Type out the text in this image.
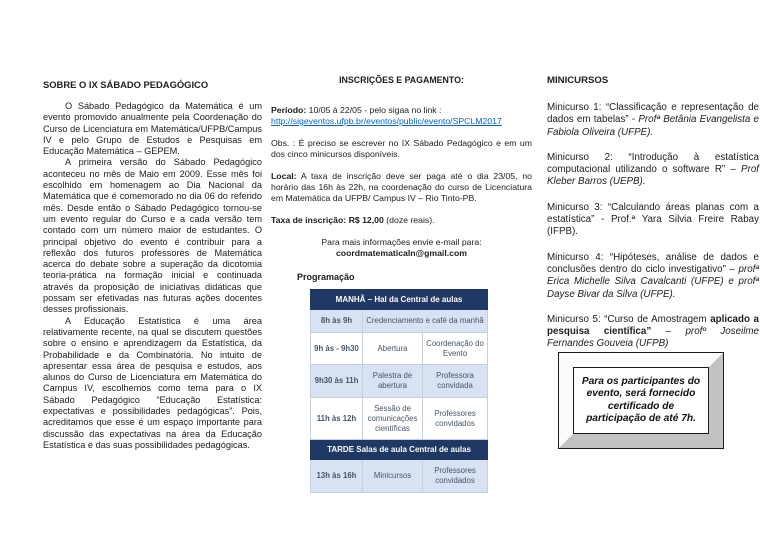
SOBRE O IX SÁBADO PEDAGÓGICO

O Sábado Pedagógico da Matemática é um evento promovido anualmente pela Coordenação do Curso de Licenciatura em Matemática/UFPB/Campus IV e pelo Grupo de Estudos e Pesquisas em Educação Matemática – GEPEM.

A primeira versão do Sábado Pedagógico aconteceu no mês de Maio em 2009. Esse mês foi escolhido em homenagem ao Dia Nacional da Matemática que é comemorado no dia 06 do referido mês. Desde então o Sábado Pedagógico tornou-se um evento regular do Curso e a cada versão tem contado com um número maior de estudantes. O principal objetivo do evento é contribuir para a reflexão dos futuros professores de Matemática acerca do debate sobre a superação da dicotomia teoria-prática na formação inicial e continuada através da proposição de iniciativas didáticas que possam ser efetivadas nas futuras ações docentes desses profissionais.

A Educação Estatística é uma área relativamente recente, na qual se discutem questões sobre o ensino e aprendizagem da Estatística, da Probabilidade e da Combinatória. No intuito de apresentar essa área de pesquisa e estudos, aos alunos do Curso de Licenciatura em Matemática do Campus IV, escolhemos como tema para o IX Sábado Pedagógico “Educação Estatística: expectativas e possibilidades pedagógicas”. Pois, acreditamos que esse é um espaço importante para discussão das expectativas na área da Educação Estatística e das suas possibilidades pedagógicas.

INSCRIÇÕES E PAGAMENTO:

Período: 10/05 à 22/05 - pelo sigaa no link :
http://sigeventos.ufpb.br/eventos/public/evento/SPCLM2017

Obs. : É preciso se escrever no IX Sábado Pedagógico e em um dos cinco minicursos disponíveis.

Local: A taxa de inscrição deve ser paga até o dia 23/05, no horário das 16h às 22h, na coordenação do curso de Licenciatura em Matemática da UFPB/ Campus IV – Rio Tinto-PB.

Taxa de inscrição: R$ 12,00 (doze reais).

Para mais informações envie e-mail para:

coordmatematicaln@gmail.com

Programação
MANHÃ – Hal da Central de aulas		
8h às 9h	Credenciamento e café da manhã	
9h às - 9h30	Abertura	Coordenação do Evento
9h30 às 11h	Palestra de abertura	Professora convidada
11h às 12h	Sessão de comunicações científicas	Professores convidados
TARDE Salas de aula Central de aulas		
13h às 16h	Minicursos	Professores convidados
MINICURSOS

Minicurso 1: “Classificação e representação de dados em tabelas” - Profª Betânia Evangelista e Fabiola Oliveira (UFPE).

Minicurso 2: “Introdução à estatística computacional utilizando o software R” – Prof Kleber Barros (UEPB).

Minicurso 3: “Calculando áreas planas com a estatística” - Prof.ª Yara Silvia Freire Rabay (IFPB).

Minicurso 4: “Hipóteses, análise de dados e conclusões dentro do ciclo investigativo” – profª Erica Michelle Silva Cavalcanti (UFPE) e profª Dayse Bivar da Silva (UFPE).

Minicurso 5: “Curso de Amostragem aplicado a pesquisa científica” – profº Joseilme Fernandes Gouveia (UFPB)

Para os participantes do evento, será fornecido certificado de participação de até 7h.
